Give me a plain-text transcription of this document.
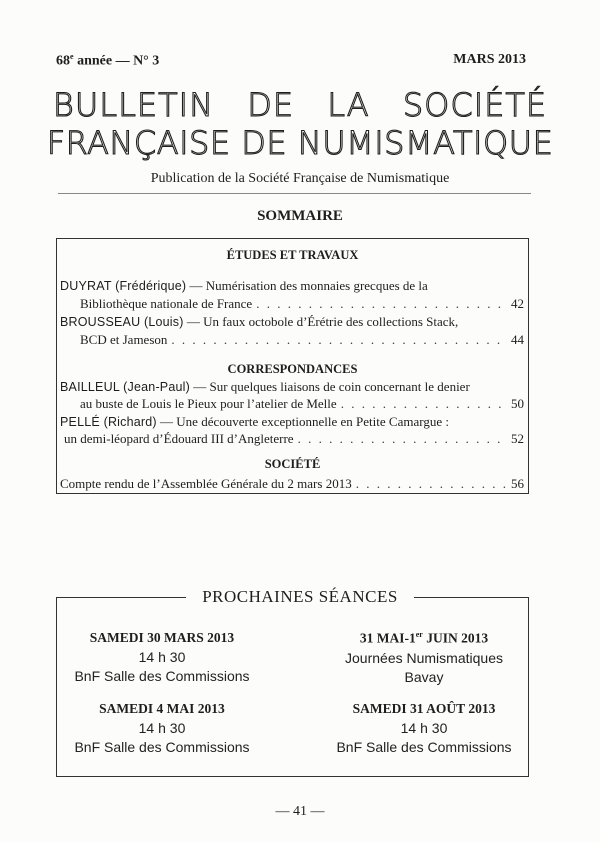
68e année — N° 3	MARS 2013
BULLETIN DE LA SOCIÉTÉ
FRANÇAISE DE NUMISMATIQUE
Publication de la Société Française de Numismatique
SOMMAIRE
ÉTUDES ET TRAVAUX
DUYRAT (Frédérique) — Numérisation des monnaies grecques de la
Bibliothèque nationale de France . . .	42
BROUSSEAU (Louis) — Un faux octobole d’Érétrie des collections Stack,
BCD et Jameson . . .	44
CORRESPONDANCES
BAILLEUL (Jean-Paul) — Sur quelques liaisons de coin concernant le denier
au buste de Louis le Pieux pour l’atelier de Melle . . .	50
PELLÉ (Richard) — Une découverte exceptionnelle en Petite Camargue :
un demi-léopard d’Édouard III d’Angleterre . . .	52
SOCIÉTÉ
Compte rendu de l’Assemblée Générale du 2 mars 2013 . . .	56
PROCHAINES SÉANCES
SAMEDI 30 MARS 2013
14 h 30
BnF Salle des Commissions
31 MAI-1er JUIN 2013
Journées Numismatiques
Bavay
SAMEDI 4 MAI 2013
14 h 30
BnF Salle des Commissions
SAMEDI 31 AOÛT 2013
14 h 30
BnF Salle des Commissions
— 41 —
